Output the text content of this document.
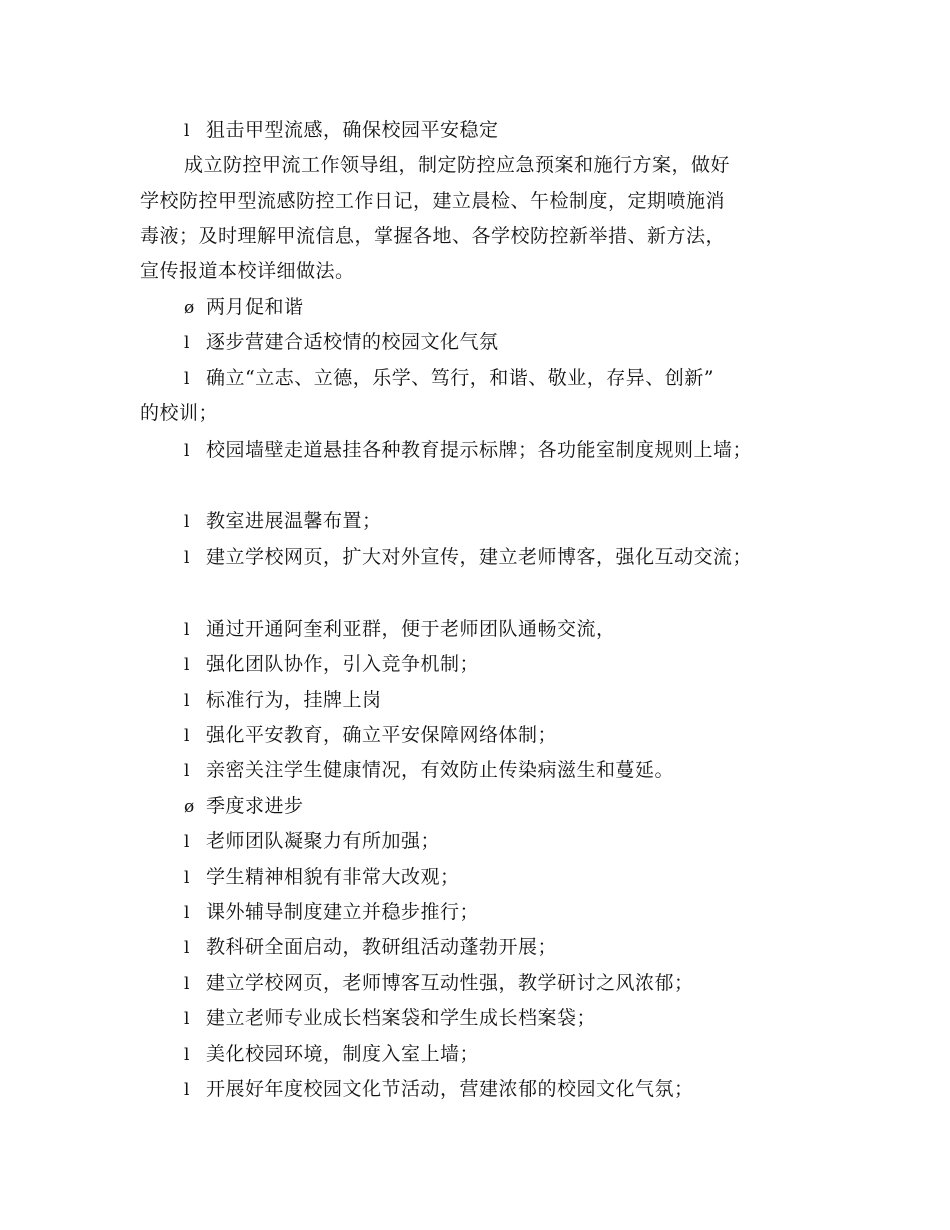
l 狙击甲型流感，确保校园平安稳定
成立防控甲流工作领导组，制定防控应急预案和施行方案，做好
学校防控甲型流感防控工作日记，建立晨检、午检制度，定期喷施消
毒液；及时理解甲流信息，掌握各地、各学校防控新举措、新方法，
宣传报道本校详细做法。
ø 两月促和谐
l 逐步营建合适校情的校园文化气氛
l 确立“立志、立德，乐学、笃行，和谐、敬业，存异、创新”
的校训；
l 校园墙壁走道悬挂各种教育提示标牌；各功能室制度规则上墙；
l 教室进展温馨布置；
l 建立学校网页，扩大对外宣传，建立老师博客，强化互动交流；
l 通过开通阿奎利亚群，便于老师团队通畅交流，
l 强化团队协作，引入竞争机制；
l 标准行为，挂牌上岗
l 强化平安教育，确立平安保障网络体制；
l 亲密关注学生健康情况，有效防止传染病滋生和蔓延。
ø 季度求进步
l 老师团队凝聚力有所加强；
l 学生精神相貌有非常大改观；
l 课外辅导制度建立并稳步推行；
l 教科研全面启动，教研组活动蓬勃开展；
l 建立学校网页，老师博客互动性强，教学研讨之风浓郁；
l 建立老师专业成长档案袋和学生成长档案袋；
l 美化校园环境，制度入室上墙；
l 开展好年度校园文化节活动，营建浓郁的校园文化气氛；
